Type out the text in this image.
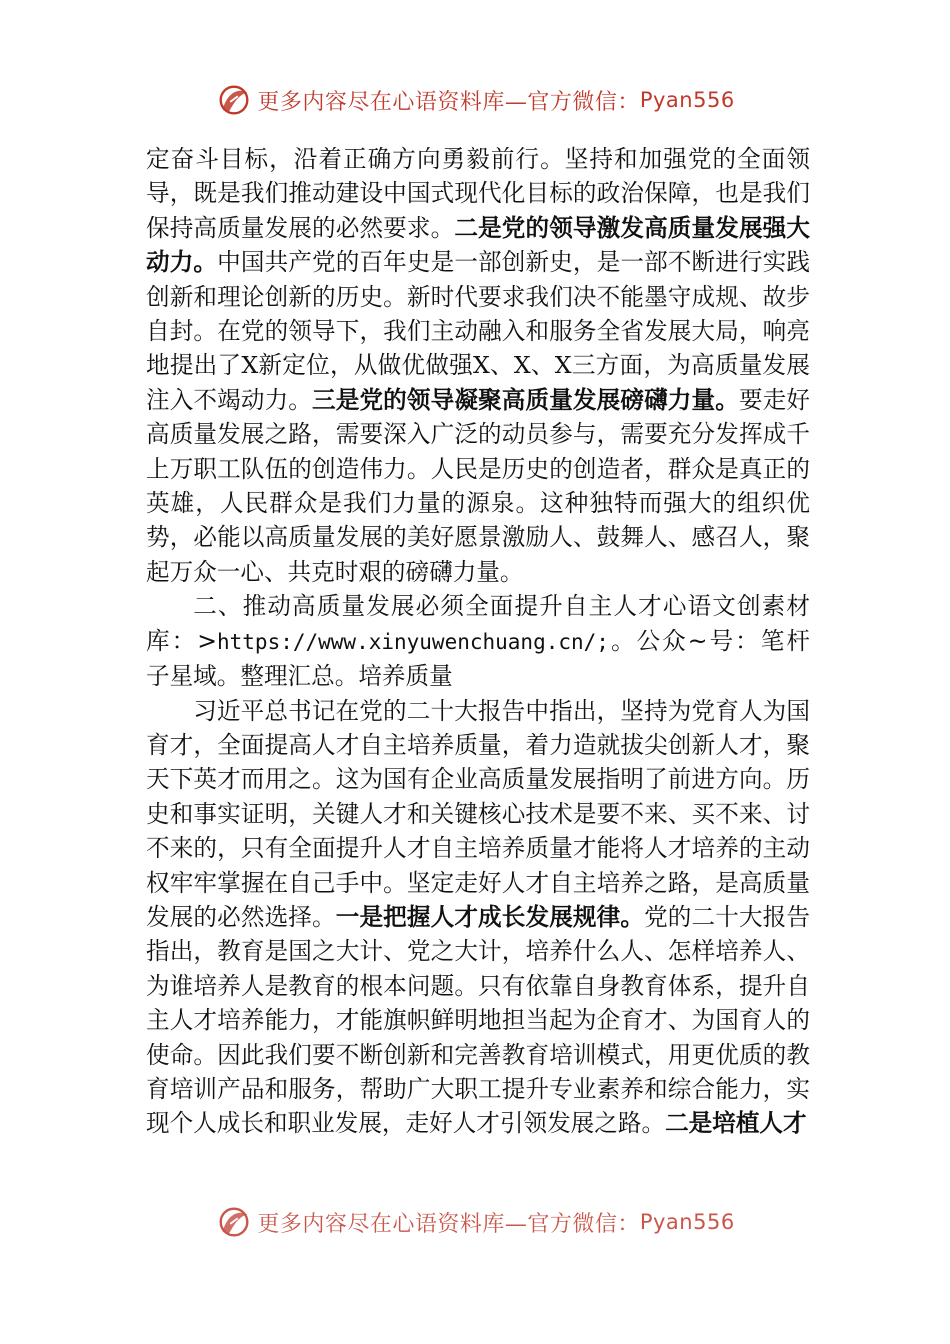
更多内容尽在心语资料库—官方微信： Pyan556

定奋斗目标，沿着正确方向勇毅前行。坚持和加强党的全面领导，既是我们推动建设中国式现代化目标的政治保障，也是我们保持高质量发展的必然要求。二是党的领导激发高质量发展强大动力。中国共产党的百年史是一部创新史，是一部不断进行实践创新和理论创新的历史。新时代要求我们决不能墨守成规、故步自封。在党的领导下，我们主动融入和服务全省发展大局，响亮地提出了X新定位，从做优做强X、X、X三方面，为高质量发展注入不竭动力。三是党的领导凝聚高质量发展磅礴力量。要走好高质量发展之路，需要深入广泛的动员参与，需要充分发挥成千上万职工队伍的创造伟力。人民是历史的创造者，群众是真正的英雄，人民群众是我们力量的源泉。这种独特而强大的组织优势，必能以高质量发展的美好愿景激励人、鼓舞人、感召人，聚起万众一心、共克时艰的磅礴力量。

二、推动高质量发展必须全面提升自主人才心语文创素材库：>https://www.xinyuwenchuang.cn/;。公众~号：笔杆子星域。整理汇总。培养质量

习近平总书记在党的二十大报告中指出，坚持为党育人为国育才，全面提高人才自主培养质量，着力造就拔尖创新人才，聚天下英才而用之。这为国有企业高质量发展指明了前进方向。历史和事实证明，关键人才和关键核心技术是要不来、买不来、讨不来的，只有全面提升人才自主培养质量才能将人才培养的主动权牢牢掌握在自己手中。坚定走好人才自主培养之路，是高质量发展的必然选择。一是把握人才成长发展规律。党的二十大报告指出，教育是国之大计、党之大计，培养什么人、怎样培养人、为谁培养人是教育的根本问题。只有依靠自身教育体系，提升自主人才培养能力，才能旗帜鲜明地担当起为企育才、为国育人的使命。因此我们要不断创新和完善教育培训模式，用更优质的教育培训产品和服务，帮助广大职工提升专业素养和综合能力，实现个人成长和职业发展，走好人才引领发展之路。二是培植人才

更多内容尽在心语资料库—官方微信： Pyan556
